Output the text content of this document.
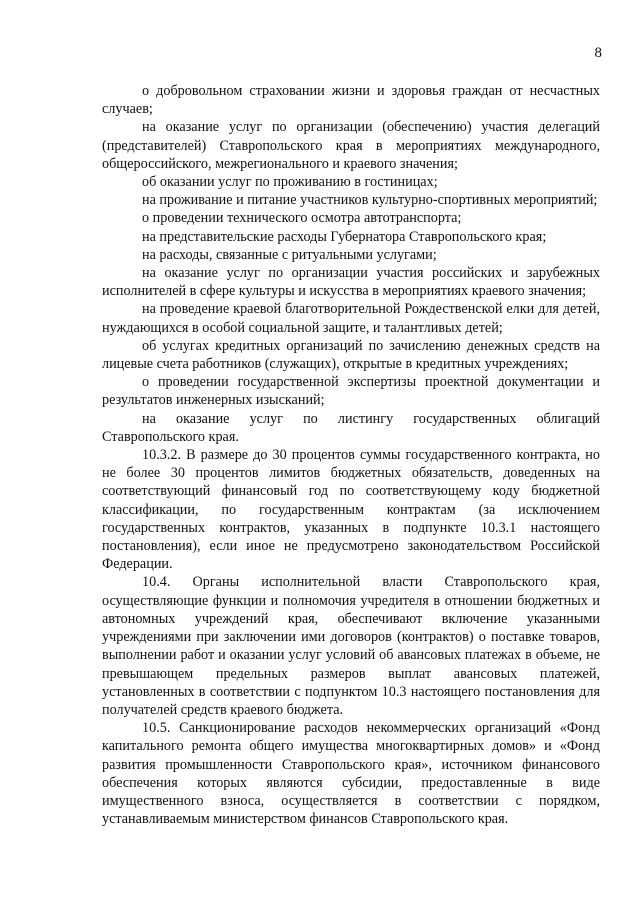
8

о добровольном страховании жизни и здоровья граждан от несчастных случаев;

на оказание услуг по организации (обеспечению) участия делегаций (представителей) Ставропольского края в мероприятиях международного, общероссийского, межрегионального и краевого значения;

об оказании услуг по проживанию в гостиницах;

на проживание и питание участников культурно-спортивных мероприятий;

о проведении технического осмотра автотранспорта;

на представительские расходы Губернатора Ставропольского края;

на расходы, связанные с ритуальными услугами;

на оказание услуг по организации участия российских и зарубежных исполнителей в сфере культуры и искусства в мероприятиях краевого значения;

на проведение краевой благотворительной Рождественской елки для детей, нуждающихся в особой социальной защите, и талантливых детей;

об услугах кредитных организаций по зачислению денежных средств на лицевые счета работников (служащих), открытые в кредитных учреждениях;

о проведении государственной экспертизы проектной документации и результатов инженерных изысканий;

на оказание услуг по листингу государственных облигаций Ставропольского края.

10.3.2. В размере до 30 процентов суммы государственного контракта, но не более 30 процентов лимитов бюджетных обязательств, доведенных на соответствующий финансовый год по соответствующему коду бюджетной классификации, по государственным контрактам (за исключением государственных контрактов, указанных в подпункте 10.3.1 настоящего постановления), если иное не предусмотрено законодательством Российской Федерации.

10.4. Органы исполнительной власти Ставропольского края, осуществляющие функции и полномочия учредителя в отношении бюджетных и автономных учреждений края, обеспечивают включение указанными учреждениями при заключении ими договоров (контрактов) о поставке товаров, выполнении работ и оказании услуг условий об авансовых платежах в объеме, не превышающем предельных размеров выплат авансовых платежей, установленных в соответствии с подпунктом 10.3 настоящего постановления для получателей средств краевого бюджета.

10.5. Санкционирование расходов некоммерческих организаций «Фонд капитального ремонта общего имущества многоквартирных домов» и «Фонд развития промышленности Ставропольского края», источником финансового обеспечения которых являются субсидии, предоставленные в виде имущественного взноса, осуществляется в соответствии с порядком, устанавливаемым министерством финансов Ставропольского края.
